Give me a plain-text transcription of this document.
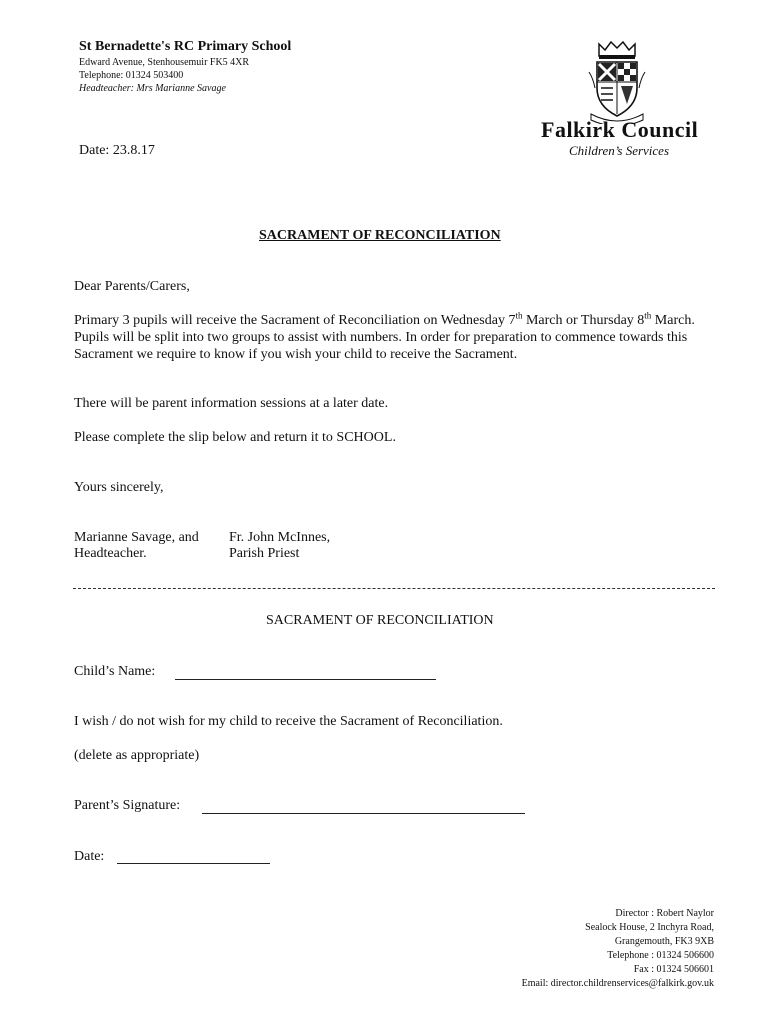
St Bernadette's RC Primary School
Edward Avenue, Stenhousemuir FK5 4XR
Telephone: 01324 503400
Headteacher: Mrs Marianne Savage
Falkirk Council
Children’s Services
Date: 23.8.17
SACRAMENT OF RECONCILIATION
Dear Parents/Carers,
Primary 3 pupils will receive the Sacrament of Reconciliation on Wednesday 7th March or Thursday 8th March. Pupils will be split into two groups to assist with numbers. In order for preparation to commence towards this Sacrament we require to know if you wish your child to receive the Sacrament.
There will be parent information sessions at a later date.
Please complete the slip below and return it to SCHOOL.
Yours sincerely,
Marianne Savage, and
Headteacher.
Fr. John McInnes,
Parish Priest
SACRAMENT OF RECONCILIATION
Child’s Name:
I wish / do not wish for my child to receive the Sacrament of Reconciliation.
(delete as appropriate)
Parent’s Signature:
Date:
Director : Robert Naylor
Sealock House, 2 Inchyra Road,
Grangemouth, FK3 9XB
Telephone : 01324 506600
Fax : 01324 506601
Email: director.childrenservices@falkirk.gov.uk
